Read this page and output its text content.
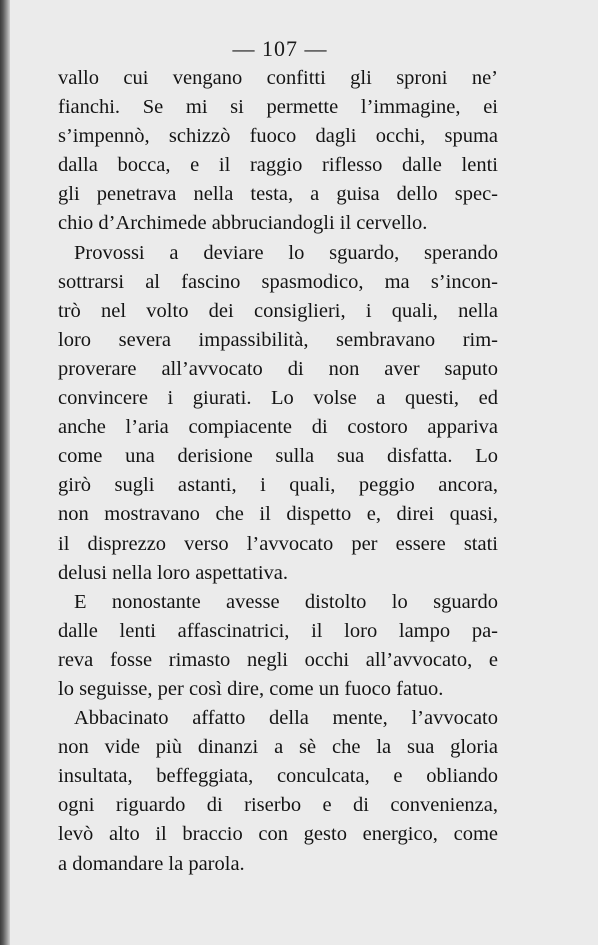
— 107 —
vallo cui vengano confitti gli sproni ne’
fianchi. Se mi si permette l’immagine, ei
s’impennò, schizzò fuoco dagli occhi, spuma
dalla bocca, e il raggio riflesso dalle lenti
gli penetrava nella testa, a guisa dello spec-
chio d’Archimede abbruciandogli il cervello.
Provossi a deviare lo sguardo, sperando
sottrarsi al fascino spasmodico, ma s’incon-
trò nel volto dei consiglieri, i quali, nella
loro severa impassibilità, sembravano rim-
proverare all’avvocato di non aver saputo
convincere i giurati. Lo volse a questi, ed
anche l’aria compiacente di costoro appariva
come una derisione sulla sua disfatta. Lo
girò sugli astanti, i quali, peggio ancora,
non mostravano che il dispetto e, direi quasi,
il disprezzo verso l’avvocato per essere stati
delusi nella loro aspettativa.
E nonostante avesse distolto lo sguardo
dalle lenti affascinatrici, il loro lampo pa-
reva fosse rimasto negli occhi all’avvocato, e
lo seguisse, per così dire, come un fuoco fatuo.
Abbacinato affatto della mente, l’avvocato
non vide più dinanzi a sè che la sua gloria
insultata, beffeggiata, conculcata, e obliando
ogni riguardo di riserbo e di convenienza,
levò alto il braccio con gesto energico, come
a domandare la parola.
